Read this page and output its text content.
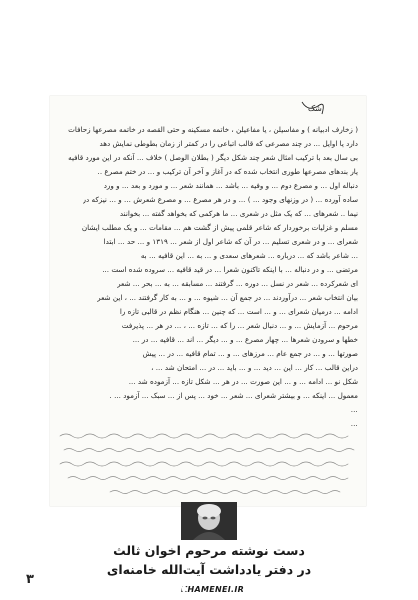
شک
( زخارف ادبیانه ) و مفاسیلن ، یا مفاعیلن ، خاتمه مسکینه و حتی القصه در خاتمه مصرعها زحافات
دارد یا اوایل ... در چند مصرعی که قالب اتباعی را در کمتر از زمان بطوطی نمایش دهد
بی سال بعد با ترکیب امثال شعر چند شکل دیگر ( بطلان الوصل ) خلاف ... آنکه در این مورد قافیه
یار بندهای مصرعها طوری انتخاب شده که در آغاز و آخر آن ترکیب و ... در ختم مصرع ..
دنباله اول ... و مصرع دوم ... و وفیه ... باشد ... همانند شعر ... و مورد و بعد ... و ورد
ساده آورده ... ( در وزنهای وجود ... ) ... و در هر مصرع ... و مصرع شعرش ... و ... نیزکه در
نیما .. شعرهای ... که یک مثل در شعری ... ما هرکمی که بخواهد گفته ... بخوانند
مسلم و غزلیات برخوردار که شاعر قلمی پیش از گشت هم ... مقامات ... و یک مطلب ایشان
شعرای ... و در شعری تسلیم ... در آن که شاعر اول از شعر ... ۱۳۱۹ و ... حد ... ابتدا
... شاعر باشد که ... درباره ... شعرهای سعدی و ... به ... این قافیه ... به
مرتضی ... و در دنباله ... با اینکه تاکنون شعرا ... در قید قافیه ... سروده شده است ...
ای شعرکرده ... شعر در نسل ... دوره ... گرفتند ... مسابقه ... به ... بحر ... شعر
بیان انتخاب شعر ... درآوردند ... در جمع آن ... شیوه ... و ... به کار گرفتند ... ، این شعر
ادامه ... درمیان شعرای ... و ... است ... که چنین ... هنگام نظم در قالبی تازه را
مرحوم ... آزمایش ... و ... دنبال شعر ... را که ... تازه ... ، ... در هر ... پذیرفت
خطها و سرودن شعرها ... چهار مصرع ... و ... دیگر ... اند ... قافیه ... در ...
صورتها ... و ... در جمع عام ... مرزهای ... و ... تمام قافیه ... در ... پیش
دراین قالب ... کار ... این ... دید ... و ... باید ... در ... امتحان شد ... ،
شکل نو ... ادامه ... و ... این صورت ... در هر ... شکل تازه ... آزموده شد ...
معمول ... اینکه ... و بیشتر شعرای ... شعر ... خود ... پس از ... سبک ... آزمود ... .
...
...
دست نوشته مرحوم اخوان ثالث
در دفتر یادداشت آیت‌الله خامنه‌ای
KHAMENEI.IR
۳
